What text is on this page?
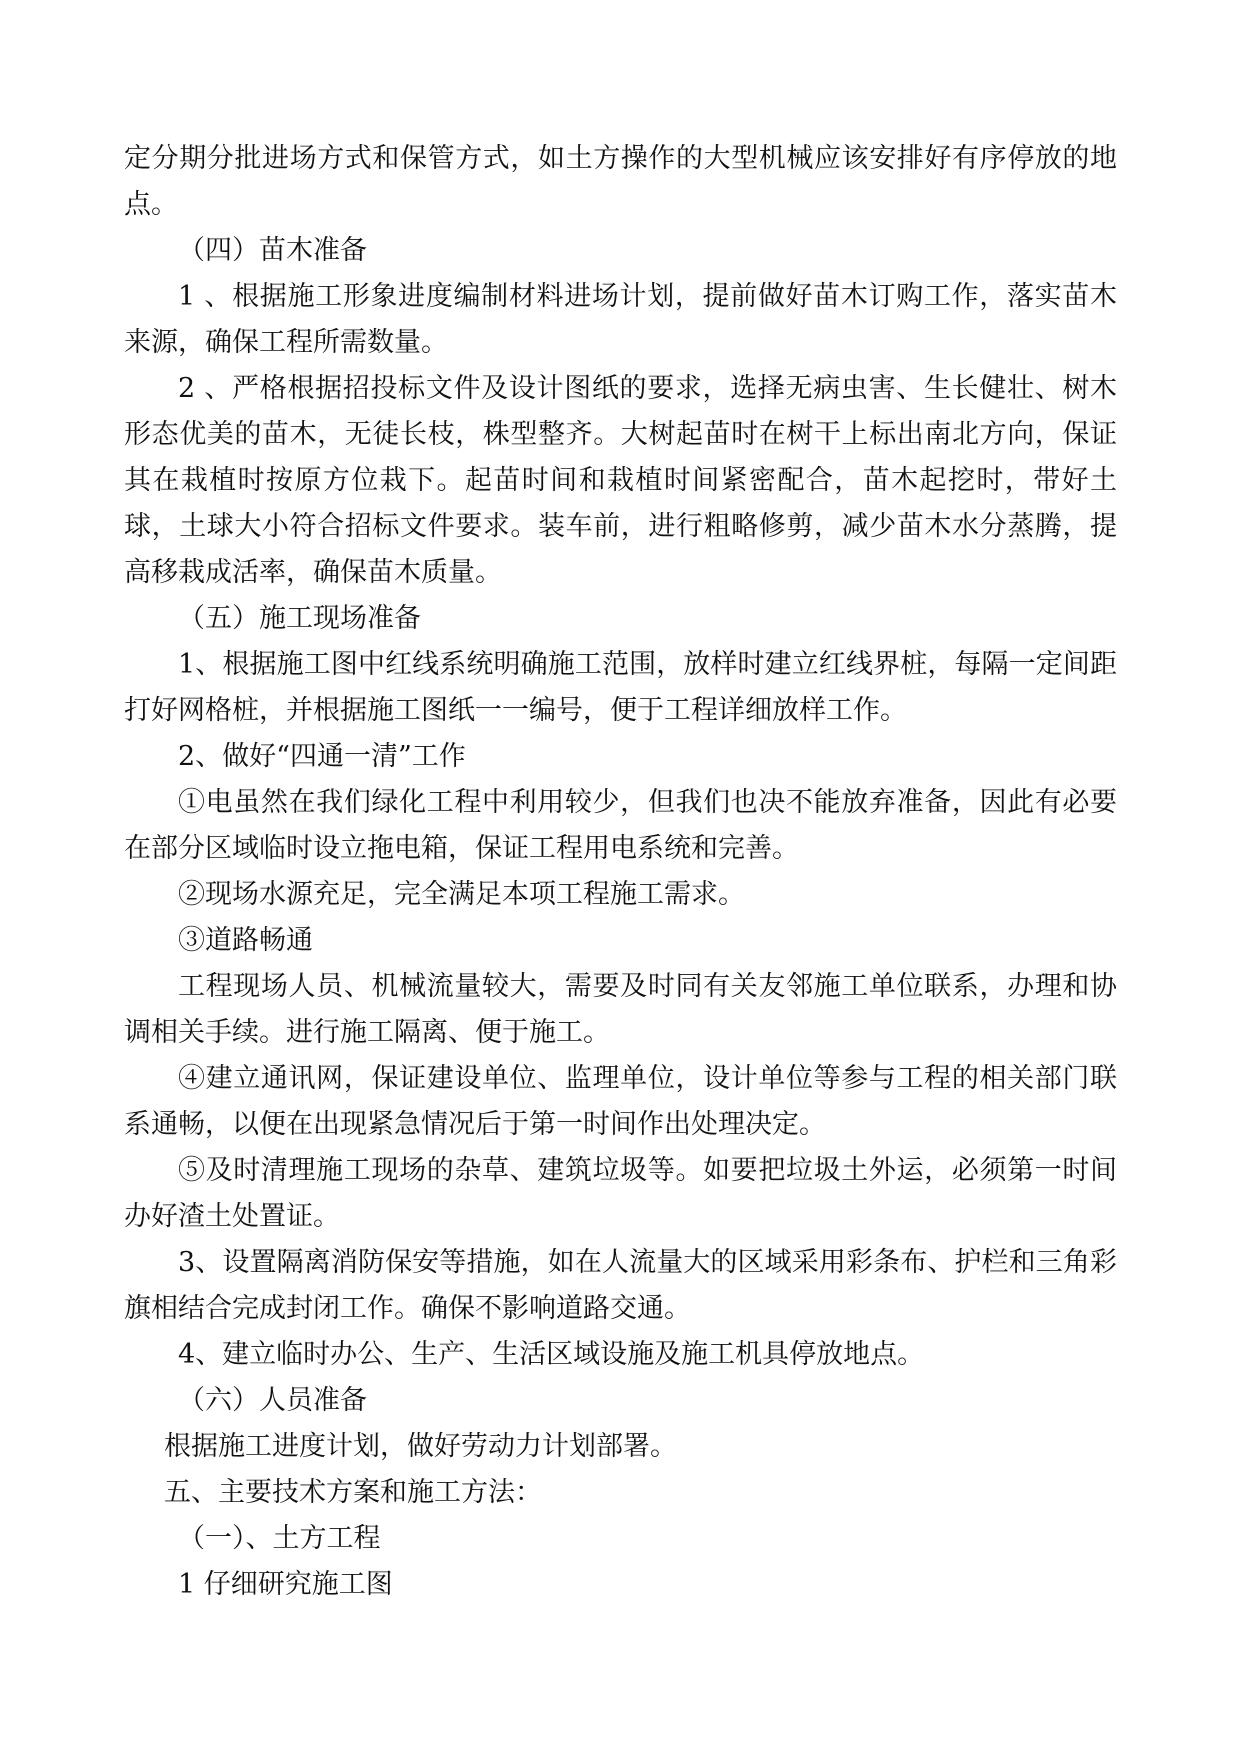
定分期分批进场方式和保管方式，如土方操作的大型机械应该安排好有序停放的地点。

（四）苗木准备

1 、根据施工形象进度编制材料进场计划，提前做好苗木订购工作，落实苗木来源，确保工程所需数量。

2 、严格根据招投标文件及设计图纸的要求，选择无病虫害、生长健壮、树木形态优美的苗木，无徒长枝，株型整齐。大树起苗时在树干上标出南北方向，保证其在栽植时按原方位栽下。起苗时间和栽植时间紧密配合，苗木起挖时，带好土球，土球大小符合招标文件要求。装车前，进行粗略修剪，减少苗木水分蒸腾，提高移栽成活率，确保苗木质量。

（五）施工现场准备

1、根据施工图中红线系统明确施工范围，放样时建立红线界桩，每隔一定间距打好网格桩，并根据施工图纸一一编号，便于工程详细放样工作。

2、做好“四通一清”工作

①电虽然在我们绿化工程中利用较少，但我们也决不能放弃准备，因此有必要在部分区域临时设立拖电箱，保证工程用电系统和完善。

②现场水源充足，完全满足本项工程施工需求。

③道路畅通

工程现场人员、机械流量较大，需要及时同有关友邻施工单位联系，办理和协调相关手续。进行施工隔离、便于施工。

④建立通讯网，保证建设单位、监理单位，设计单位等参与工程的相关部门联系通畅，以便在出现紧急情况后于第一时间作出处理决定。

⑤及时清理施工现场的杂草、建筑垃圾等。如要把垃圾土外运，必须第一时间办好渣土处置证。

3、设置隔离消防保安等措施，如在人流量大的区域采用彩条布、护栏和三角彩旗相结合完成封闭工作。确保不影响道路交通。

4、建立临时办公、生产、生活区域设施及施工机具停放地点。

（六）人员准备

根据施工进度计划，做好劳动力计划部署。

五、主要技术方案和施工方法：

（一）、土方工程

1 仔细研究施工图
